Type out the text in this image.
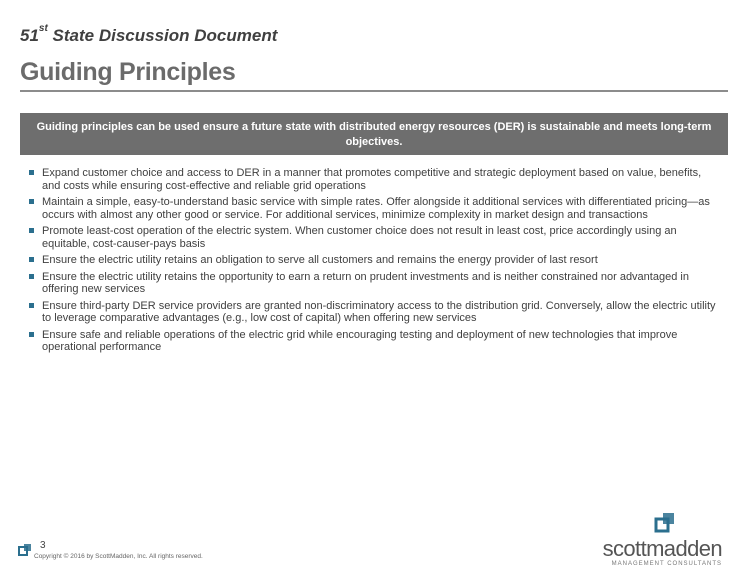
51st State Discussion Document
Guiding Principles
Guiding principles can be used ensure a future state with distributed energy resources (DER) is sustainable and meets long-term objectives.
Expand customer choice and access to DER in a manner that promotes competitive and strategic deployment based on value, benefits, and costs while ensuring cost-effective and reliable grid operations
Maintain a simple, easy-to-understand basic service with simple rates. Offer alongside it additional services with differentiated pricing—as occurs with almost any other good or service. For additional services, minimize complexity in market design and transactions
Promote least-cost operation of the electric system. When customer choice does not result in least cost, price accordingly using an equitable, cost-causer-pays basis
Ensure the electric utility retains an obligation to serve all customers and remains the energy provider of last resort
Ensure the electric utility retains the opportunity to earn a return on prudent investments and is neither constrained nor advantaged in offering new services
Ensure third-party DER service providers are granted non-discriminatory access to the distribution grid. Conversely, allow the electric utility to leverage comparative advantages (e.g., low cost of capital) when offering new services
Ensure safe and reliable operations of the electric grid while encouraging testing and deployment of new technologies that improve operational performance
3
Copyright © 2016 by ScottMadden, Inc. All rights reserved.	scottmadden
MANAGEMENT CONSULTANTS
